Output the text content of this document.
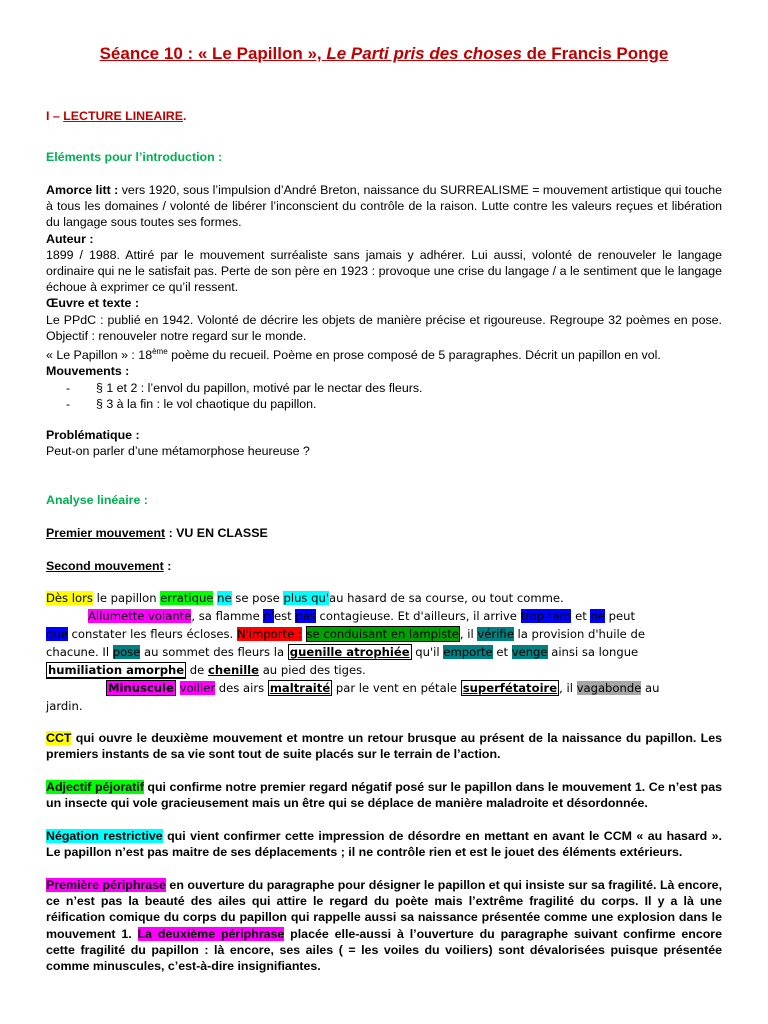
Séance 10 : « Le Papillon », Le Parti pris des choses de Francis Ponge
I – LECTURE LINEAIRE.
Eléments pour l’introduction :
Amorce litt : vers 1920, sous l’impulsion d’André Breton, naissance du SURREALISME = mouvement artistique qui touche à tous les domaines / volonté de libérer l’inconscient du contrôle de la raison. Lutte contre les valeurs reçues et libération du langage sous toutes ses formes.
Auteur :
1899 / 1988. Attiré par le mouvement surréaliste sans jamais y adhérer. Lui aussi, volonté de renouveler le langage ordinaire qui ne le satisfait pas. Perte de son père en 1923 : provoque une crise du langage / a le sentiment que le langage échoue à exprimer ce qu’il ressent.
Œuvre et texte :
Le PPdC : publié en 1942. Volonté de décrire les objets de manière précise et rigoureuse. Regroupe 32 poèmes en pose. Objectif : renouveler notre regard sur le monde.
« Le Papillon » : 18ème poème du recueil. Poème en prose composé de 5 paragraphes. Décrit un papillon en vol.
Mouvements :
- § 1 et 2 : l’envol du papillon, motivé par le nectar des fleurs.
- § 3 à la fin : le vol chaotique du papillon.
Problématique :
Peut-on parler d’une métamorphose heureuse ?
Analyse linéaire :
Premier mouvement : VU EN CLASSE
Second mouvement :
Dès lors le papillon erratique ne se pose plus qu'au hasard de sa course, ou tout comme.
Allumette volante, sa flamme n'est pas contagieuse. Et d'ailleurs, il arrive trop tard et ne peut
que constater les fleurs écloses. N'importe : se conduisant en lampiste, il vérifie la provision d'huile de
chacune. Il pose au sommet des fleurs la guenille atrophiée qu'il emporte et venge ainsi sa longue
humiliation amorphe de chenille au pied des tiges.
Minuscule voilier des airs maltraité par le vent en pétale superfétatoire , il vagabonde au
jardin.
CCT qui ouvre le deuxième mouvement et montre un retour brusque au présent de la naissance du papillon. Les premiers instants de sa vie sont tout de suite placés sur le terrain de l’action.
Adjectif péjoratif qui confirme notre premier regard négatif posé sur le papillon dans le mouvement 1. Ce n’est pas un insecte qui vole gracieusement mais un être qui se déplace de manière maladroite et désordonnée.
Négation restrictive qui vient confirmer cette impression de désordre en mettant en avant le CCM « au hasard ». Le papillon n’est pas maitre de ses déplacements ; il ne contrôle rien et est le jouet des éléments extérieurs.
Première périphrase en ouverture du paragraphe pour désigner le papillon et qui insiste sur sa fragilité. Là encore, ce n’est pas la beauté des ailes qui attire le regard du poète mais l’extrême fragilité du corps. Il y a là une réification comique du corps du papillon qui rappelle aussi sa naissance présentée comme une explosion dans le mouvement 1. La deuxième périphrase placée elle-aussi à l’ouverture du paragraphe suivant confirme encore cette fragilité du papillon : là encore, ses ailes ( = les voiles du voiliers) sont dévalorisées puisque présentée comme minuscules, c’est-à-dire insignifiantes.
